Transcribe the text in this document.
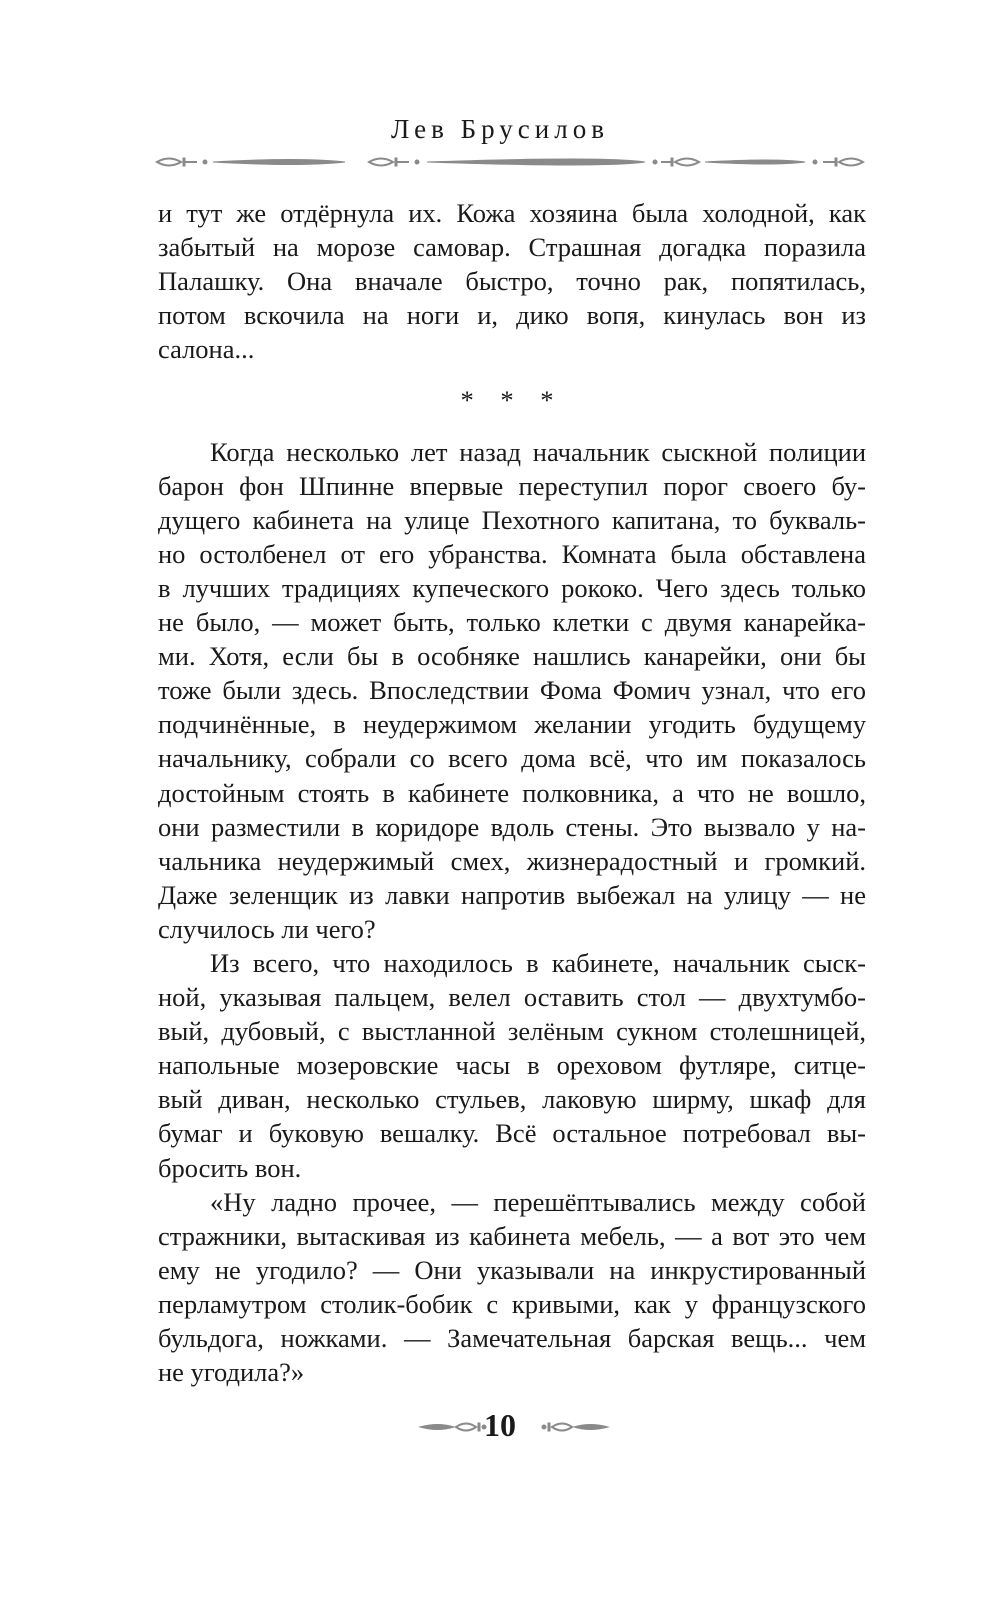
Лев Брусилов
и тут же отдёрнула их. Кожа хозяина была холодной, как
забытый на морозе самовар. Страшная догадка поразила
Палашку. Она вначале быстро, точно рак, попятилась,
потом вскочила на ноги и, дико вопя, кинулась вон из
салона...
* * *
Когда несколько лет назад начальник сыскной полиции
барон фон Шпинне впервые переступил порог своего бу-
дущего кабинета на улице Пехотного капитана, то букваль-
но остолбенел от его убранства. Комната была обставлена
в лучших традициях купеческого рококо. Чего здесь только
не было, — может быть, только клетки с двумя канарейка-
ми. Хотя, если бы в особняке нашлись канарейки, они бы
тоже были здесь. Впоследствии Фома Фомич узнал, что его
подчинённые, в неудержимом желании угодить будущему
начальнику, собрали со всего дома всё, что им показалось
достойным стоять в кабинете полковника, а что не вошло,
они разместили в коридоре вдоль стены. Это вызвало у на-
чальника неудержимый смех, жизнерадостный и громкий.
Даже зеленщик из лавки напротив выбежал на улицу — не
случилось ли чего?
Из всего, что находилось в кабинете, начальник сыск-
ной, указывая пальцем, велел оставить стол — двухтумбо-
вый, дубовый, с выстланной зелёным сукном столешницей,
напольные мозеровские часы в ореховом футляре, ситце-
вый диван, несколько стульев, лаковую ширму, шкаф для
бумаг и буковую вешалку. Всё остальное потребовал вы-
бросить вон.
«Ну ладно прочее, — перешёптывались между собой
стражники, вытаскивая из кабинета мебель, — а вот это чем
ему не угодило? — Они указывали на инкрустированный
перламутром столик-бобик с кривыми, как у французского
бульдога, ножками. — Замечательная барская вещь... чем
не угодила?»
10
